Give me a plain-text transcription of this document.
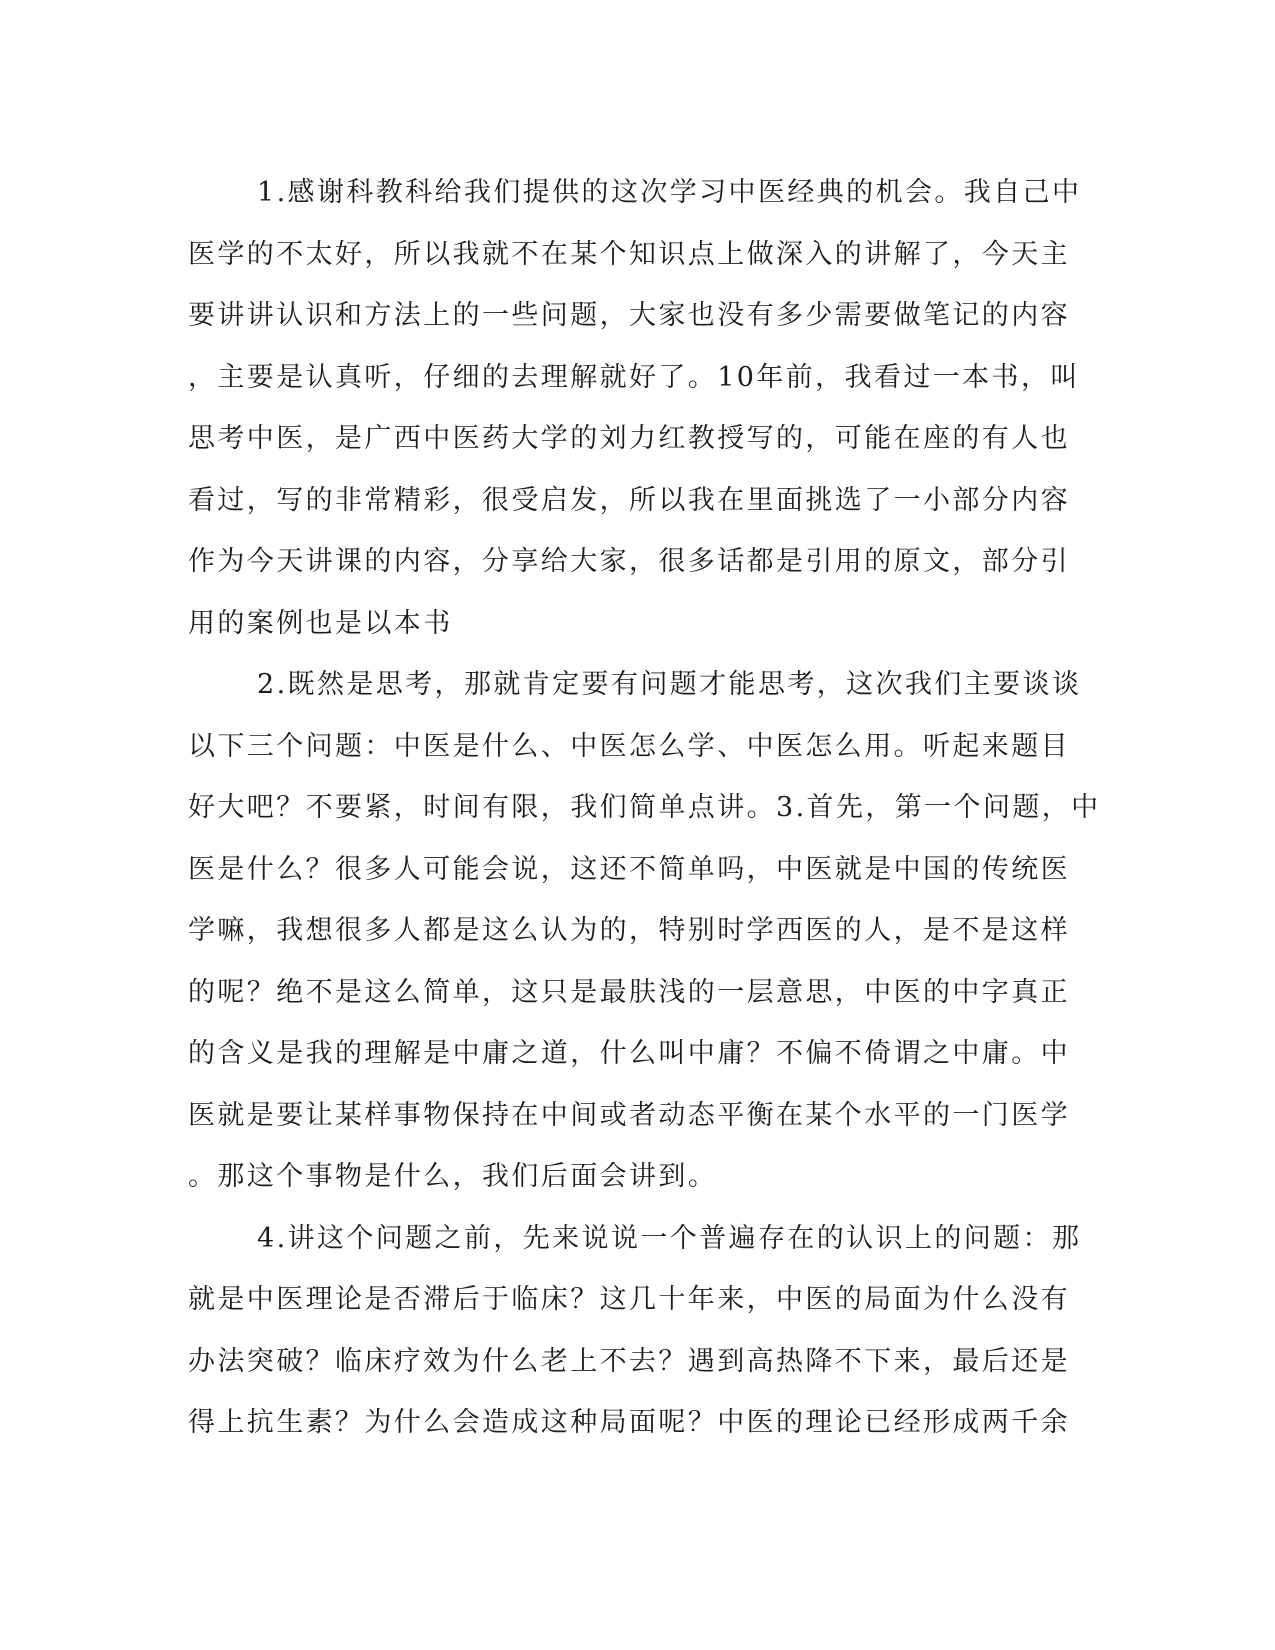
1.感谢科教科给我们提供的这次学习中医经典的机会。我自己中
医学的不太好，所以我就不在某个知识点上做深入的讲解了，今天主
要讲讲认识和方法上的一些问题，大家也没有多少需要做笔记的内容
，主要是认真听，仔细的去理解就好了。10年前，我看过一本书，叫
思考中医，是广西中医药大学的刘力红教授写的，可能在座的有人也
看过，写的非常精彩，很受启发，所以我在里面挑选了一小部分内容
作为今天讲课的内容，分享给大家，很多话都是引用的原文，部分引
用的案例也是以本书
2.既然是思考，那就肯定要有问题才能思考，这次我们主要谈谈
以下三个问题：中医是什么、中医怎么学、中医怎么用。听起来题目
好大吧？不要紧，时间有限，我们简单点讲。3.首先，第一个问题，中
医是什么？很多人可能会说，这还不简单吗，中医就是中国的传统医
学嘛，我想很多人都是这么认为的，特别时学西医的人，是不是这样
的呢？绝不是这么简单，这只是最肤浅的一层意思，中医的中字真正
的含义是我的理解是中庸之道，什么叫中庸？不偏不倚谓之中庸。中
医就是要让某样事物保持在中间或者动态平衡在某个水平的一门医学
。那这个事物是什么，我们后面会讲到。
4.讲这个问题之前，先来说说一个普遍存在的认识上的问题：那
就是中医理论是否滞后于临床？这几十年来，中医的局面为什么没有
办法突破？临床疗效为什么老上不去？遇到高热降不下来，最后还是
得上抗生素？为什么会造成这种局面呢？中医的理论已经形成两千余
